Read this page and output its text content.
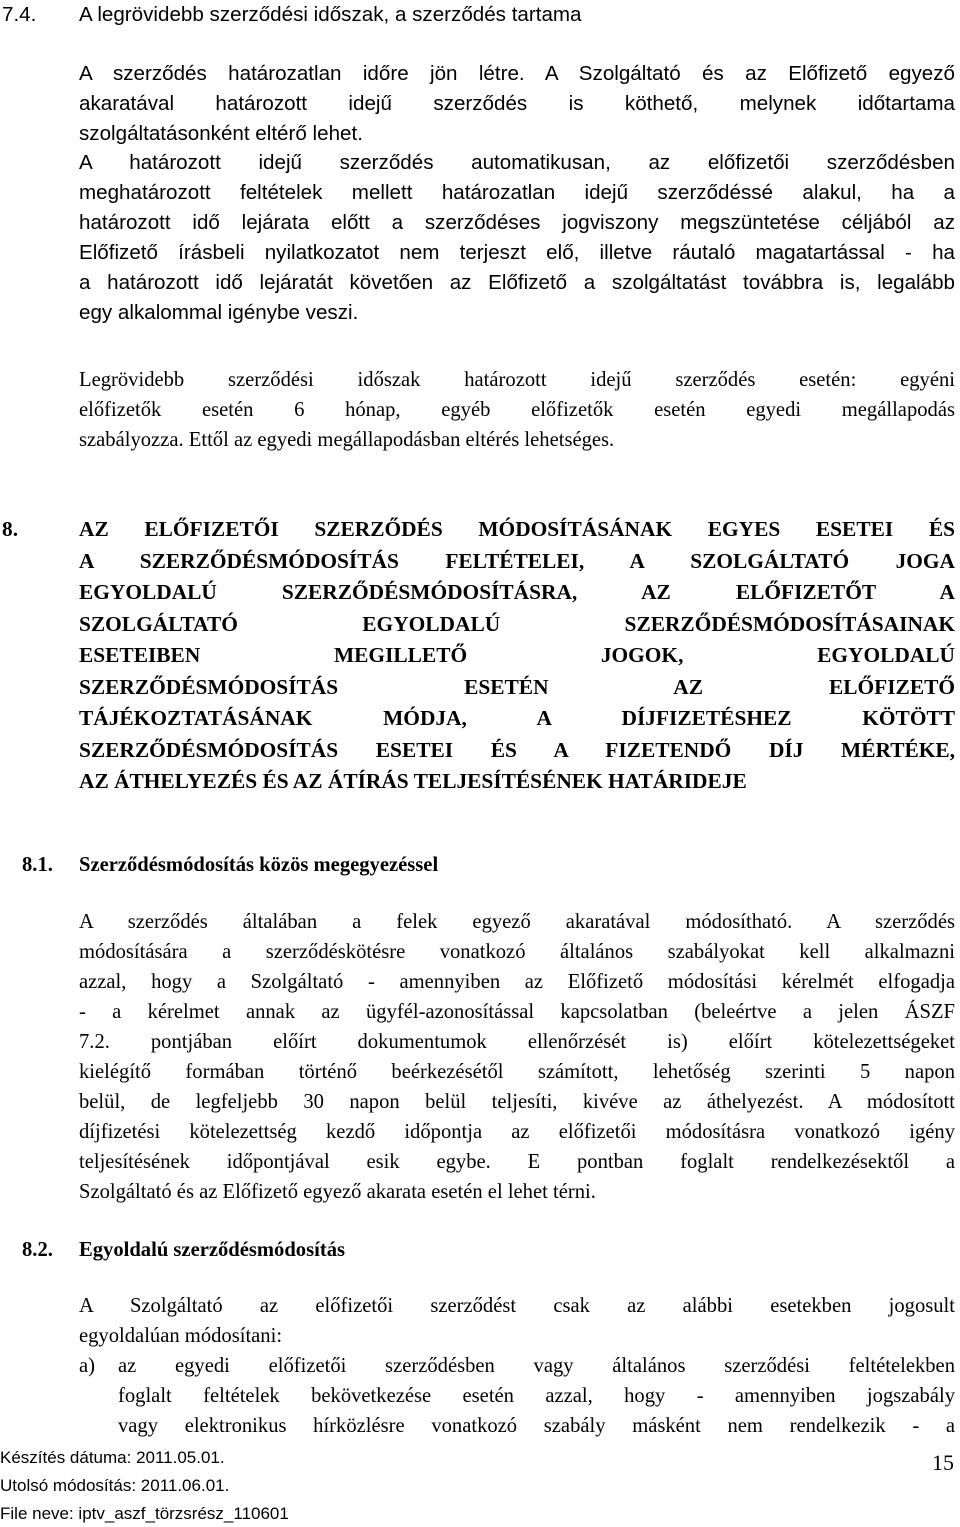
7.4. A legrövidebb szerződési időszak, a szerződés tartama
A szerződés határozatlan időre jön létre. A Szolgáltató és az Előfizető egyező
akaratával határozott idejű szerződés is köthető, melynek időtartama
szolgáltatásonként eltérő lehet.
A határozott idejű szerződés automatikusan, az előfizetői szerződésben
meghatározott feltételek mellett határozatlan idejű szerződéssé alakul, ha a
határozott idő lejárata előtt a szerződéses jogviszony megszüntetése céljából az
Előfizető írásbeli nyilatkozatot nem terjeszt elő, illetve ráutaló magatartással - ha
a határozott idő lejáratát követően az Előfizető a szolgáltatást továbbra is, legalább
egy alkalommal igénybe veszi.
Legrövidebb szerződési időszak határozott idejű szerződés esetén: egyéni
előfizetők esetén 6 hónap, egyéb előfizetők esetén egyedi megállapodás
szabályozza. Ettől az egyedi megállapodásban eltérés lehetséges.
8.	AZ ELŐFIZETŐI SZERZŐDÉS MÓDOSÍTÁSÁNAK EGYES ESETEI ÉS
A SZERZŐDÉSMÓDOSÍTÁS FELTÉTELEI, A SZOLGÁLTATÓ JOGA
EGYOLDALÚ SZERZŐDÉSMÓDOSÍTÁSRA, AZ ELŐFIZETŐT A
SZOLGÁLTATÓ EGYOLDALÚ SZERZŐDÉSMÓDOSÍTÁSAINAK
ESETEIBEN MEGILLETŐ JOGOK, EGYOLDALÚ
SZERZŐDÉSMÓDOSÍTÁS ESETÉN AZ ELŐFIZETŐ
TÁJÉKOZTATÁSÁNAK MÓDJA, A DÍJFIZETÉSHEZ KÖTÖTT
SZERZŐDÉSMÓDOSÍTÁS ESETEI ÉS A FIZETENDŐ DÍJ MÉRTÉKE,
AZ ÁTHELYEZÉS ÉS AZ ÁTÍRÁS TELJESÍTÉSÉNEK HATÁRIDEJE
8.1. Szerződésmódosítás közös megegyezéssel
A szerződés általában a felek egyező akaratával módosítható. A szerződés
módosítására a szerződéskötésre vonatkozó általános szabályokat kell alkalmazni
azzal, hogy a Szolgáltató - amennyiben az Előfizető módosítási kérelmét elfogadja
- a kérelmet annak az ügyfél-azonosítással kapcsolatban (beleértve a jelen ÁSZF
7.2. pontjában előírt dokumentumok ellenőrzését is) előírt kötelezettségeket
kielégítő formában történő beérkezésétől számított, lehetőség szerinti 5 napon
belül, de legfeljebb 30 napon belül teljesíti, kivéve az áthelyezést. A módosított
díjfizetési kötelezettség kezdő időpontja az előfizetői módosításra vonatkozó igény
teljesítésének időpontjával esik egybe. E pontban foglalt rendelkezésektől a
Szolgáltató és az Előfizető egyező akarata esetén el lehet térni.
8.2. Egyoldalú szerződésmódosítás
A Szolgáltató az előfizetői szerződést csak az alábbi esetekben jogosult
egyoldalúan módosítani:
a) az egyedi előfizetői szerződésben vagy általános szerződési feltételekben
foglalt feltételek bekövetkezése esetén azzal, hogy - amennyiben jogszabály
vagy elektronikus hírközlésre vonatkozó szabály másként nem rendelkezik - a
Készítés dátuma: 2011.05.01.
Utolsó módosítás: 2011.06.01.
File neve: iptv_aszf_törzsrész_110601
15
